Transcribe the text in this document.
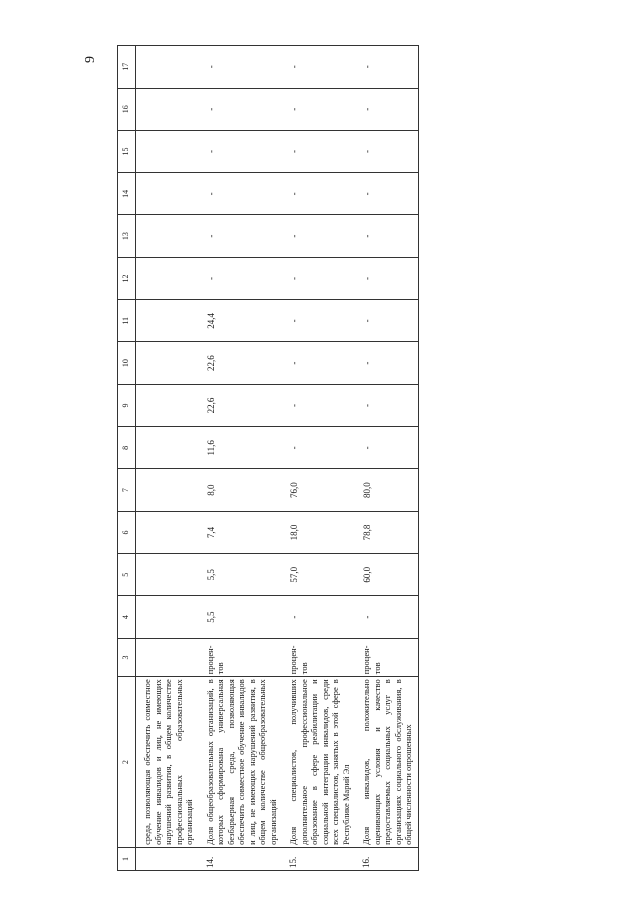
9
1	2	3	4	5	6	7	8	9	10	11	12	13	14	15	16	17
	среда, позволяющая обеспечить совместное обучение инвалидов и лиц, не имеющих нарушений развития, в общем количестве профессиональных образовательных организаций															
14.	Доля общеобразовательных организаций, в которых сформирована универсальная безбарьерная среда, позволяющая обеспечить совместное обучение инвалидов и лиц, не имеющих нарушений развития, в общем количестве общеобразовательных организаций	процен-тов	5,5	5,5	7,4	8,0	11,6	22,6	22,6	24,4	-	-	-	-	-	-
15.	Доля специалистов, получивших дополнительное профессиональное образование в сфере реабилитации и социальной интеграции инвалидов, среди всех специалистов, занятых в этой сфере в Республике Марий Эл	процен-тов	-	57,0	18,0	76,0	-	-	-	-	-	-	-	-	-	-
16.	Доля инвалидов, положительно оценивающих условия и качество предоставляемых социальных услуг в организациях социального обслуживания, в общей численности опрошенных	процен-тов	-	60,0	78,8	80,0	-	-	-	-	-	-	-	-	-	-
